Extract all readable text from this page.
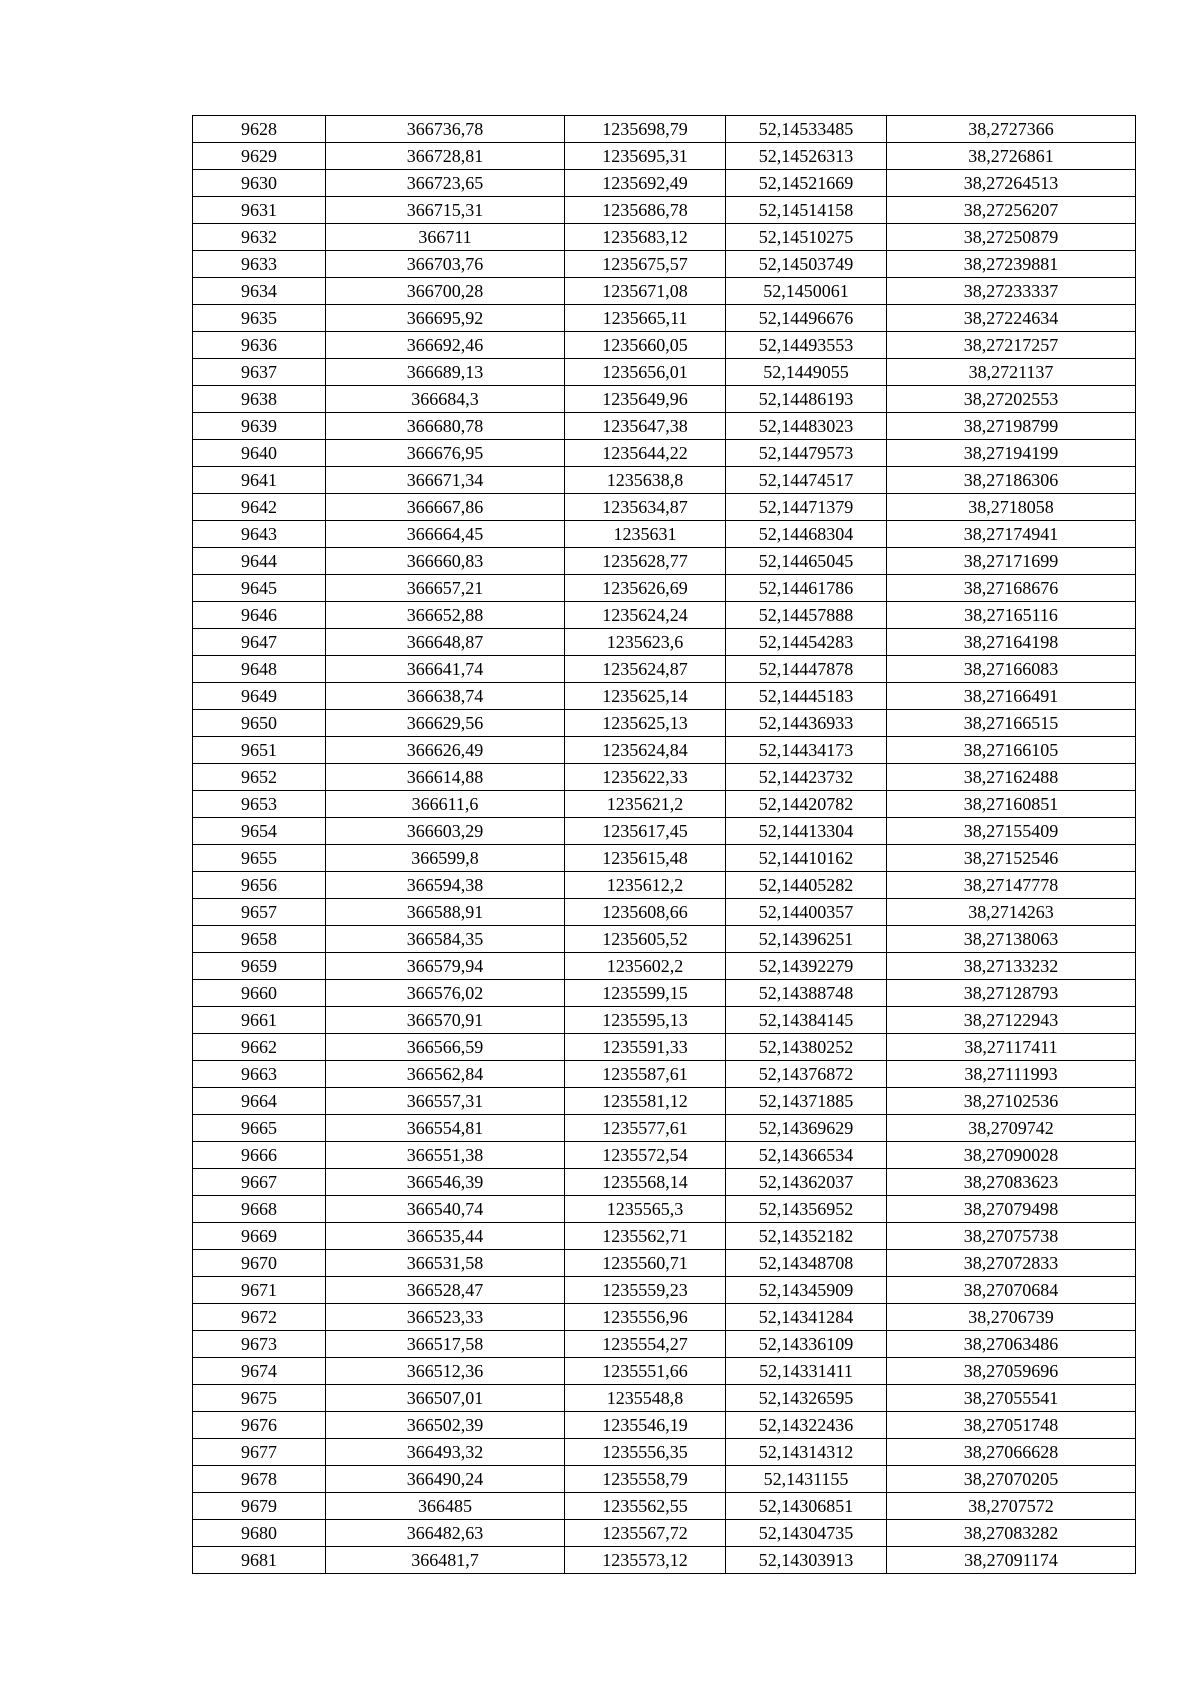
9628	366736,78	1235698,79	52,14533485	38,2727366
9629	366728,81	1235695,31	52,14526313	38,2726861
9630	366723,65	1235692,49	52,14521669	38,27264513
9631	366715,31	1235686,78	52,14514158	38,27256207
9632	366711	1235683,12	52,14510275	38,27250879
9633	366703,76	1235675,57	52,14503749	38,27239881
9634	366700,28	1235671,08	52,1450061	38,27233337
9635	366695,92	1235665,11	52,14496676	38,27224634
9636	366692,46	1235660,05	52,14493553	38,27217257
9637	366689,13	1235656,01	52,1449055	38,2721137
9638	366684,3	1235649,96	52,14486193	38,27202553
9639	366680,78	1235647,38	52,14483023	38,27198799
9640	366676,95	1235644,22	52,14479573	38,27194199
9641	366671,34	1235638,8	52,14474517	38,27186306
9642	366667,86	1235634,87	52,14471379	38,2718058
9643	366664,45	1235631	52,14468304	38,27174941
9644	366660,83	1235628,77	52,14465045	38,27171699
9645	366657,21	1235626,69	52,14461786	38,27168676
9646	366652,88	1235624,24	52,14457888	38,27165116
9647	366648,87	1235623,6	52,14454283	38,27164198
9648	366641,74	1235624,87	52,14447878	38,27166083
9649	366638,74	1235625,14	52,14445183	38,27166491
9650	366629,56	1235625,13	52,14436933	38,27166515
9651	366626,49	1235624,84	52,14434173	38,27166105
9652	366614,88	1235622,33	52,14423732	38,27162488
9653	366611,6	1235621,2	52,14420782	38,27160851
9654	366603,29	1235617,45	52,14413304	38,27155409
9655	366599,8	1235615,48	52,14410162	38,27152546
9656	366594,38	1235612,2	52,14405282	38,27147778
9657	366588,91	1235608,66	52,14400357	38,2714263
9658	366584,35	1235605,52	52,14396251	38,27138063
9659	366579,94	1235602,2	52,14392279	38,27133232
9660	366576,02	1235599,15	52,14388748	38,27128793
9661	366570,91	1235595,13	52,14384145	38,27122943
9662	366566,59	1235591,33	52,14380252	38,27117411
9663	366562,84	1235587,61	52,14376872	38,27111993
9664	366557,31	1235581,12	52,14371885	38,27102536
9665	366554,81	1235577,61	52,14369629	38,2709742
9666	366551,38	1235572,54	52,14366534	38,27090028
9667	366546,39	1235568,14	52,14362037	38,27083623
9668	366540,74	1235565,3	52,14356952	38,27079498
9669	366535,44	1235562,71	52,14352182	38,27075738
9670	366531,58	1235560,71	52,14348708	38,27072833
9671	366528,47	1235559,23	52,14345909	38,27070684
9672	366523,33	1235556,96	52,14341284	38,2706739
9673	366517,58	1235554,27	52,14336109	38,27063486
9674	366512,36	1235551,66	52,14331411	38,27059696
9675	366507,01	1235548,8	52,14326595	38,27055541
9676	366502,39	1235546,19	52,14322436	38,27051748
9677	366493,32	1235556,35	52,14314312	38,27066628
9678	366490,24	1235558,79	52,1431155	38,27070205
9679	366485	1235562,55	52,14306851	38,2707572
9680	366482,63	1235567,72	52,14304735	38,27083282
9681	366481,7	1235573,12	52,14303913	38,27091174
